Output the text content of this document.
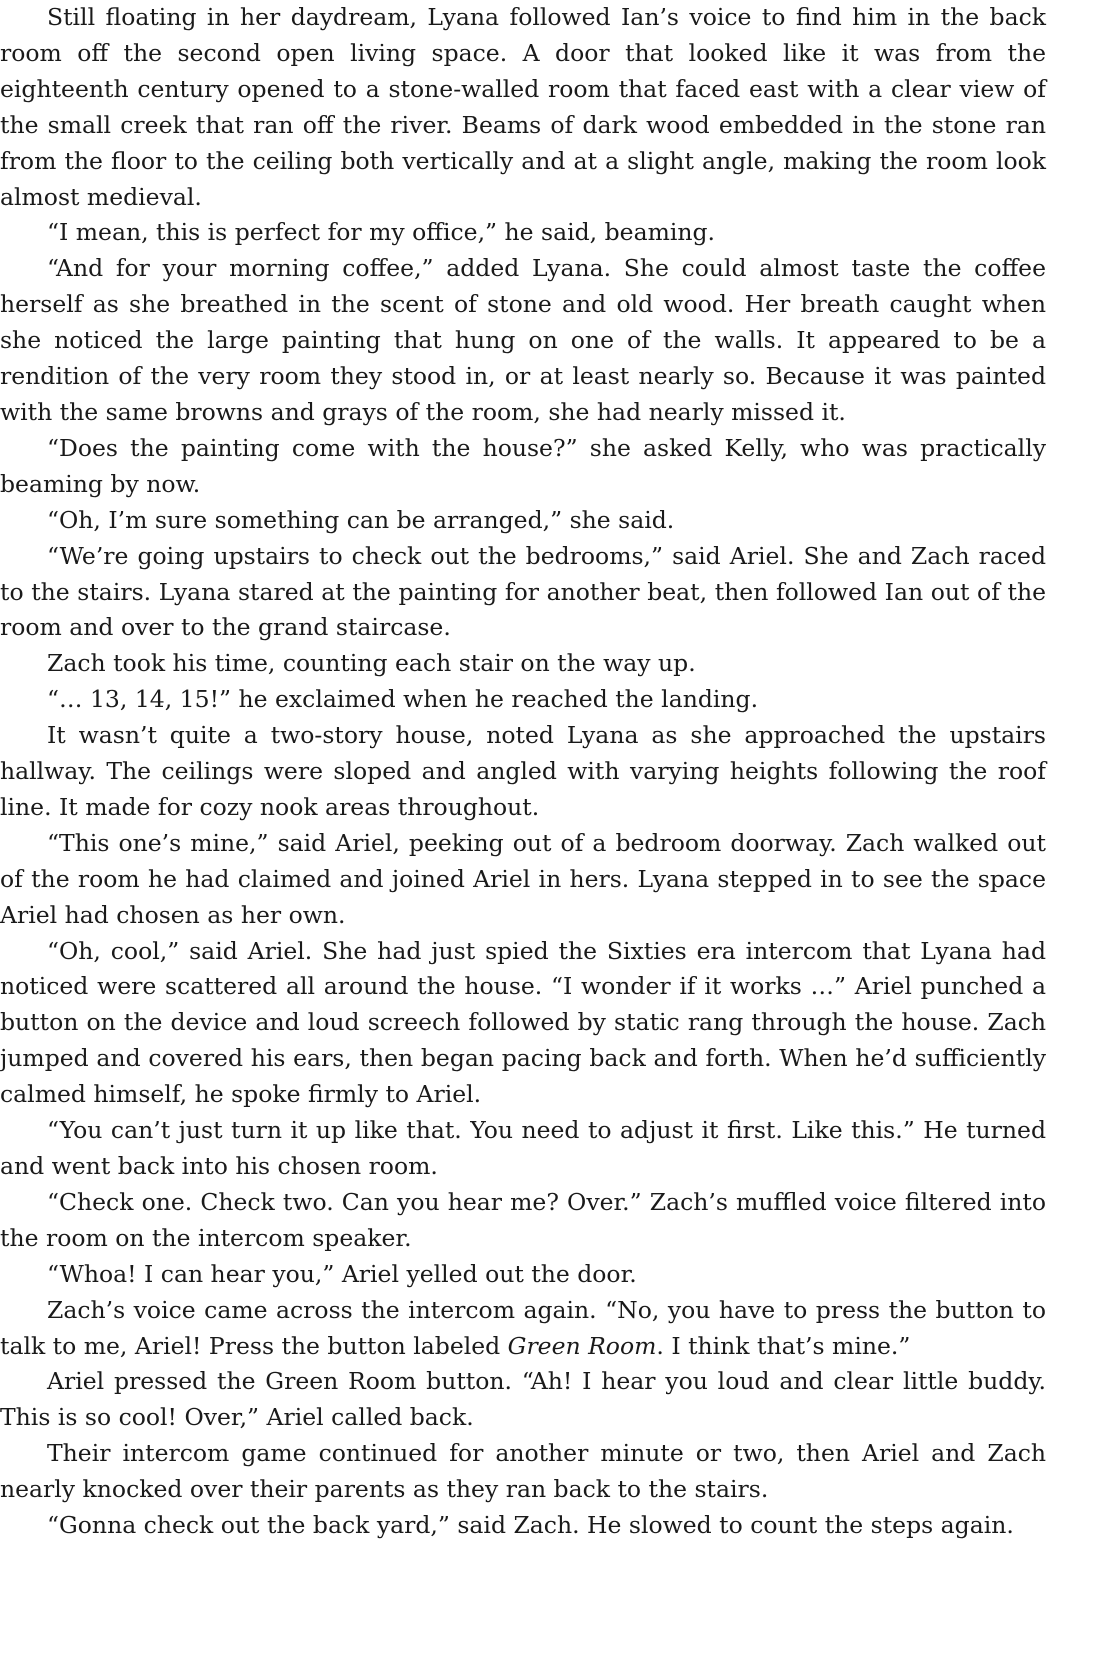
Still floating in her daydream, Lyana followed Ian’s voice to find him in the back room off the second open living space. A door that looked like it was from the eighteenth century opened to a stone-walled room that faced east with a clear view of the small creek that ran off the river. Beams of dark wood embedded in the stone ran from the floor to the ceiling both vertically and at a slight angle, making the room look almost medieval.

“I mean, this is perfect for my office,” he said, beaming.

“And for your morning coffee,” added Lyana. She could almost taste the coffee herself as she breathed in the scent of stone and old wood. Her breath caught when she noticed the large painting that hung on one of the walls. It appeared to be a rendition of the very room they stood in, or at least nearly so. Because it was painted with the same browns and grays of the room, she had nearly missed it.

“Does the painting come with the house?” she asked Kelly, who was practically beaming by now.

“Oh, I’m sure something can be arranged,” she said.

“We’re going upstairs to check out the bedrooms,” said Ariel. She and Zach raced to the stairs. Lyana stared at the painting for another beat, then followed Ian out of the room and over to the grand staircase.

Zach took his time, counting each stair on the way up.

“… 13, 14, 15!” he exclaimed when he reached the landing.

It wasn’t quite a two-story house, noted Lyana as she approached the upstairs hallway. The ceilings were sloped and angled with varying heights following the roof line. It made for cozy nook areas throughout.

“This one’s mine,” said Ariel, peeking out of a bedroom doorway. Zach walked out of the room he had claimed and joined Ariel in hers. Lyana stepped in to see the space Ariel had chosen as her own.

“Oh, cool,” said Ariel. She had just spied the Sixties era intercom that Lyana had noticed were scattered all around the house. “I wonder if it works …” Ariel punched a button on the device and loud screech followed by static rang through the house. Zach jumped and covered his ears, then began pacing back and forth. When he’d sufficiently calmed himself, he spoke firmly to Ariel.

“You can’t just turn it up like that. You need to adjust it first. Like this.” He turned and went back into his chosen room.

“Check one. Check two. Can you hear me? Over.” Zach’s muffled voice filtered into the room on the intercom speaker.

“Whoa! I can hear you,” Ariel yelled out the door.

Zach’s voice came across the intercom again. “No, you have to press the button to talk to me, Ariel! Press the button labeled Green Room. I think that’s mine.”

Ariel pressed the Green Room button. “Ah! I hear you loud and clear little buddy. This is so cool! Over,” Ariel called back.

Their intercom game continued for another minute or two, then Ariel and Zach nearly knocked over their parents as they ran back to the stairs.

“Gonna check out the back yard,” said Zach. He slowed to count the steps again.
